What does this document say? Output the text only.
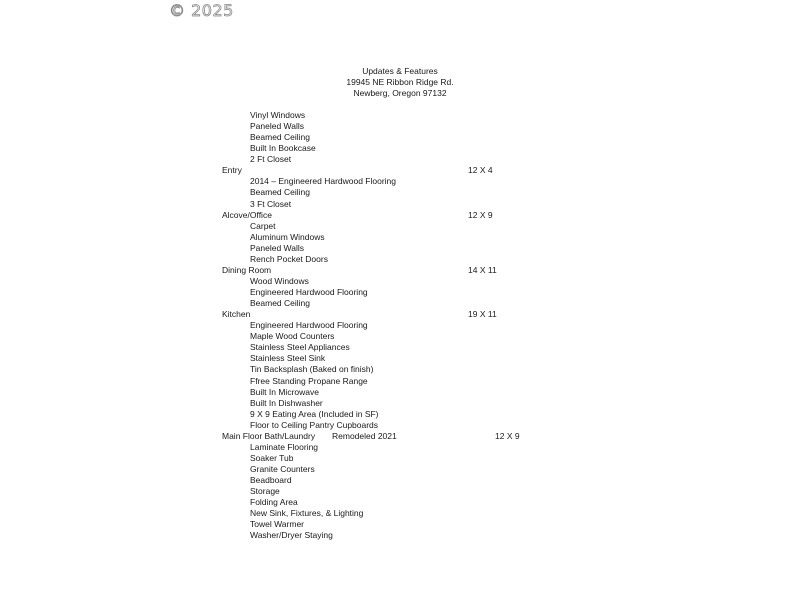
© 2025
Updates & Features
19945 NE Ribbon Ridge Rd.
Newberg, Oregon 97132
Vinyl Windows
Paneled Walls
Beamed Ceiling
Built In Bookcase
2 Ft Closet
Entry	12 X 4
2014 – Engineered Hardwood Flooring
Beamed Ceiling
3 Ft Closet
Alcove/Office	12 X 9
Carpet
Aluminum Windows
Paneled Walls
Rench Pocket Doors
Dining Room	14 X 11
Wood Windows
Engineered Hardwood Flooring
Beamed Ceiling
Kitchen	19 X 11
Engineered Hardwood Flooring
Maple Wood Counters
Stainless Steel Appliances
Stainless Steel Sink
Tin Backsplash (Baked on finish)
Ffree Standing Propane Range
Built In Microwave
Built In Dishwasher
9 X 9 Eating Area (Included in SF)
Floor to Ceiling Pantry Cupboards
Main Floor Bath/Laundry Remodeled 2021	12 X 9
Laminate Flooring
Soaker Tub
Granite Counters
Beadboard
Storage
Folding Area
New Sink, Fixtures, & Lighting
Towel Warmer
Washer/Dryer Staying
